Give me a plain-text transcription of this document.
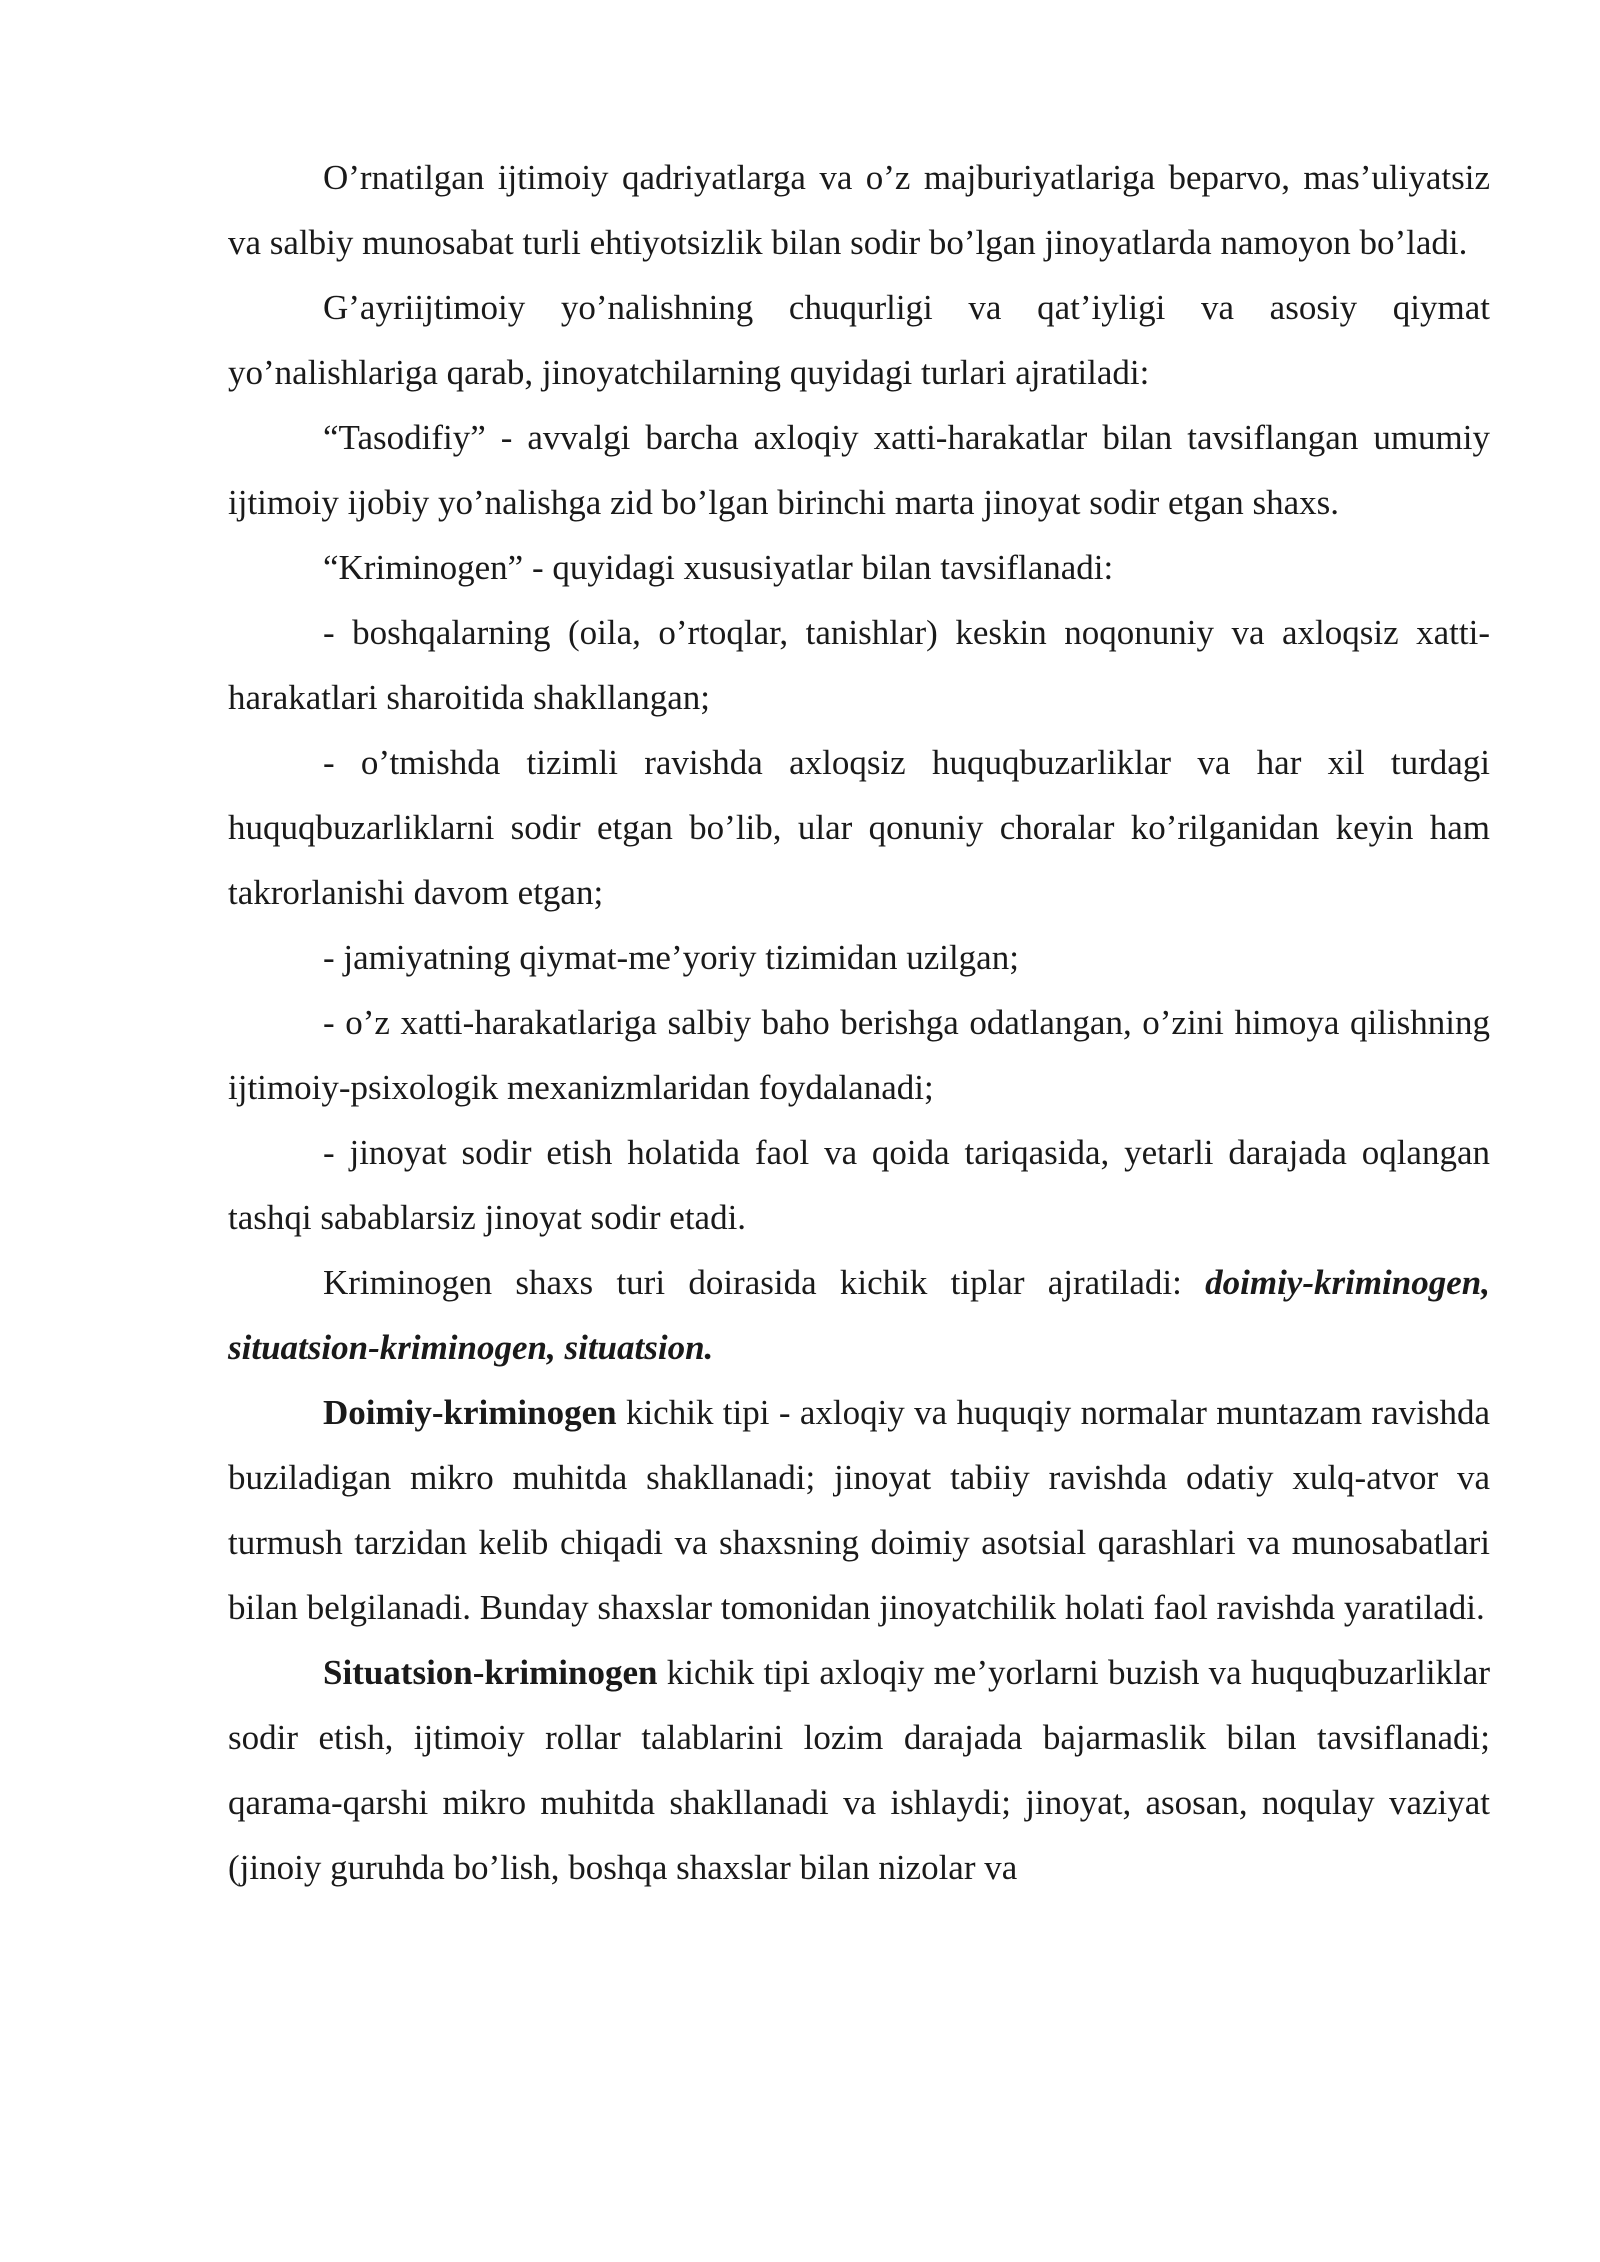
O’rnatilgan ijtimoiy qadriyatlarga va o’z majburiyatlariga beparvo, mas’uliyatsiz va salbiy munosabat turli ehtiyotsizlik bilan sodir bo’lgan jinoyatlarda namoyon bo’ladi.

G’ayriijtimoiy yo’nalishning chuqurligi va qat’iyligi va asosiy qiymat yo’nalishlariga qarab, jinoyatchilarning quyidagi turlari ajratiladi:

“Tasodifiy” - avvalgi barcha axloqiy xatti-harakatlar bilan tavsiflangan umumiy ijtimoiy ijobiy yo’nalishga zid bo’lgan birinchi marta jinoyat sodir etgan shaxs.

“Kriminogen” - quyidagi xususiyatlar bilan tavsiflanadi:

- boshqalarning (oila, o’rtoqlar, tanishlar) keskin noqonuniy va axloqsiz xatti-harakatlari sharoitida shakllangan;

- o’tmishda tizimli ravishda axloqsiz huquqbuzarliklar va har xil turdagi huquqbuzarliklarni sodir etgan bo’lib, ular qonuniy choralar ko’rilganidan keyin ham takrorlanishi davom etgan;

- jamiyatning qiymat-me’yoriy tizimidan uzilgan;

- o’z xatti-harakatlariga salbiy baho berishga odatlangan, o’zini himoya qilishning ijtimoiy-psixologik mexanizmlaridan foydalanadi;

- jinoyat sodir etish holatida faol va qoida tariqasida, yetarli darajada oqlangan tashqi sabablarsiz jinoyat sodir etadi.

Kriminogen shaxs turi doirasida kichik tiplar ajratiladi: doimiy-kriminogen, situatsion-kriminogen, situatsion.

Doimiy-kriminogen kichik tipi - axloqiy va huquqiy normalar muntazam ravishda buziladigan mikro muhitda shakllanadi; jinoyat tabiiy ravishda odatiy xulq-atvor va turmush tarzidan kelib chiqadi va shaxsning doimiy asotsial qarashlari va munosabatlari bilan belgilanadi. Bunday shaxslar tomonidan jinoyatchilik holati faol ravishda yaratiladi.

Situatsion-kriminogen kichik tipi axloqiy me’yorlarni buzish va huquqbuzarliklar sodir etish, ijtimoiy rollar talablarini lozim darajada bajarmaslik bilan tavsiflanadi; qarama-qarshi mikro muhitda shakllanadi va ishlaydi; jinoyat, asosan, noqulay vaziyat (jinoiy guruhda bo’lish, boshqa shaxslar bilan nizolar va
